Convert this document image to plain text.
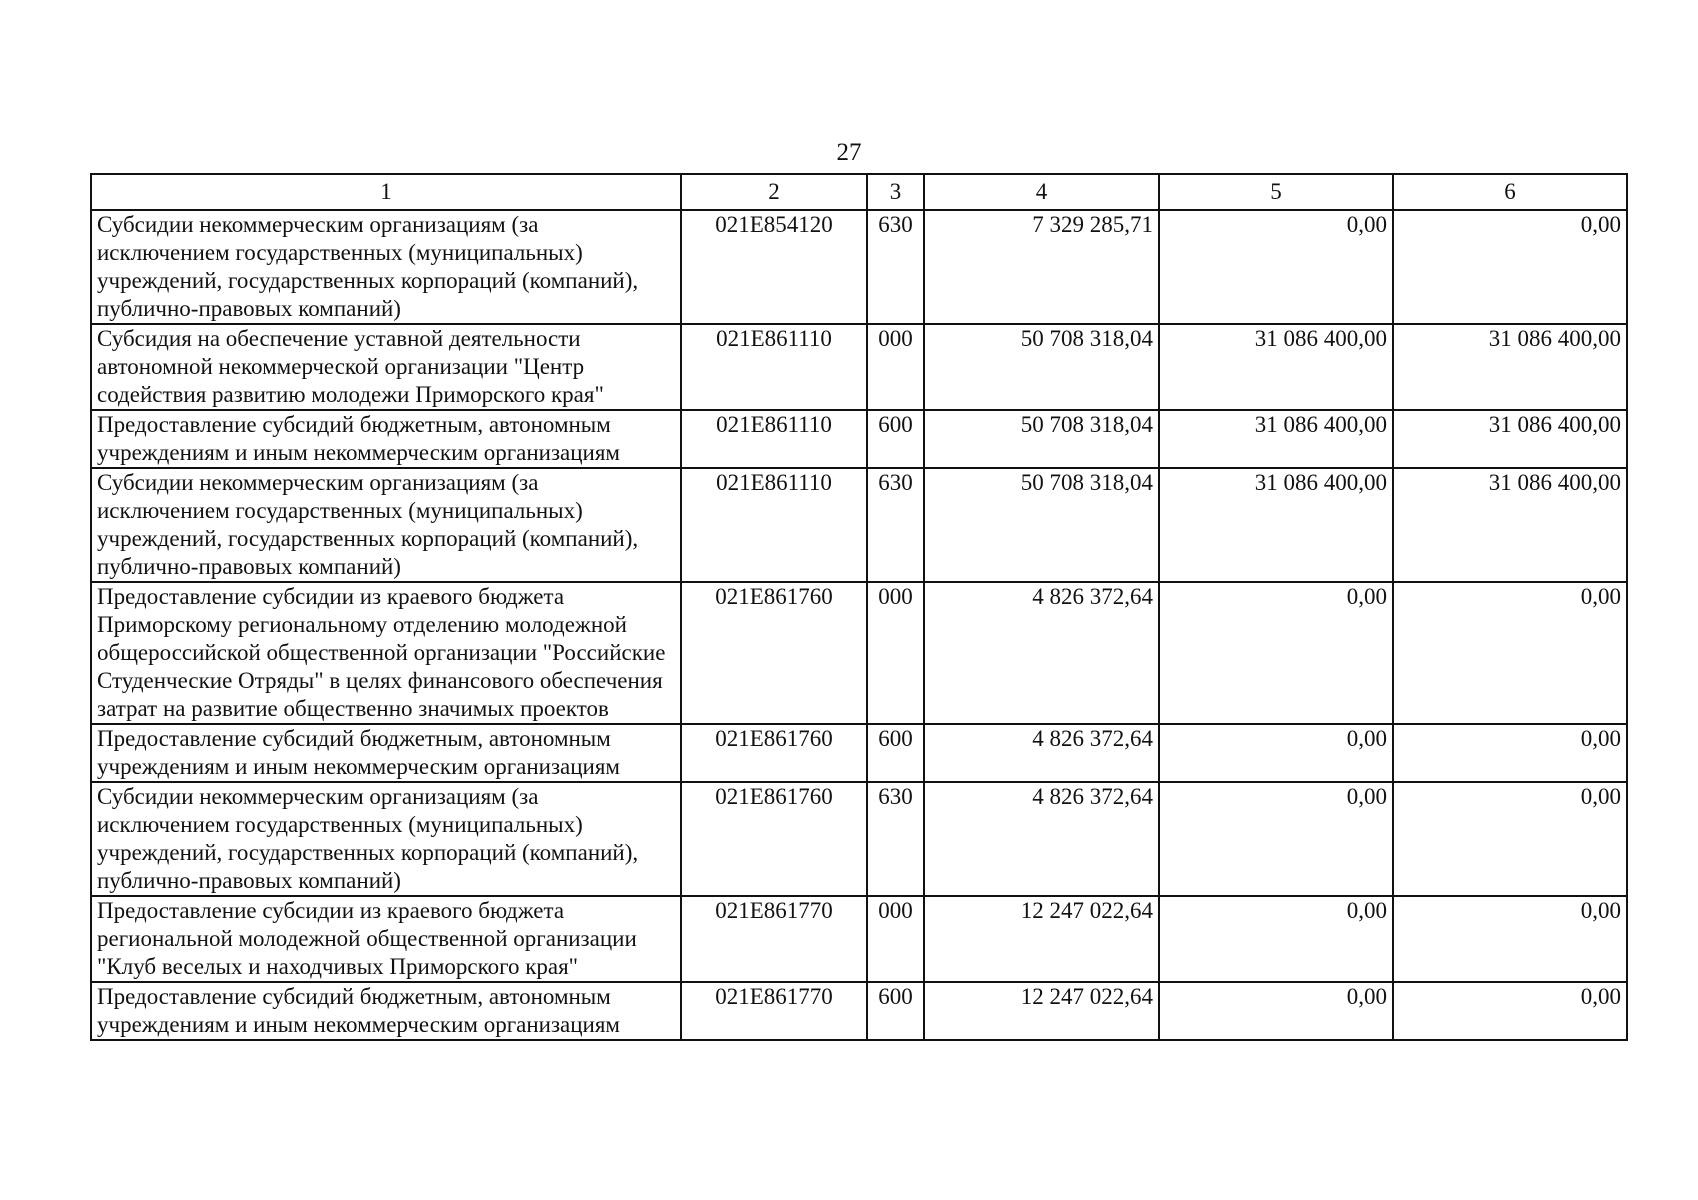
27
1	2	3	4	5	6
Субсидии некоммерческим организациям (за исключением государственных (муниципальных) учреждений, государственных корпораций (компаний), публично-правовых компаний)	021E854120	630	7 329 285,71	0,00	0,00
Субсидия на обеспечение уставной деятельности автономной некоммерческой организации "Центр содействия развитию молодежи Приморского края"	021E861110	000	50 708 318,04	31 086 400,00	31 086 400,00
Предоставление субсидий бюджетным, автономным учреждениям и иным некоммерческим организациям	021E861110	600	50 708 318,04	31 086 400,00	31 086 400,00
Субсидии некоммерческим организациям (за исключением государственных (муниципальных) учреждений, государственных корпораций (компаний), публично-правовых компаний)	021E861110	630	50 708 318,04	31 086 400,00	31 086 400,00
Предоставление субсидии из краевого бюджета Приморскому региональному отделению молодежной общероссийской общественной организации "Российские Студенческие Отряды" в целях финансового обеспечения затрат на развитие общественно значимых проектов	021E861760	000	4 826 372,64	0,00	0,00
Предоставление субсидий бюджетным, автономным учреждениям и иным некоммерческим организациям	021E861760	600	4 826 372,64	0,00	0,00
Субсидии некоммерческим организациям (за исключением государственных (муниципальных) учреждений, государственных корпораций (компаний), публично-правовых компаний)	021E861760	630	4 826 372,64	0,00	0,00
Предоставление субсидии из краевого бюджета региональной молодежной общественной организации "Клуб веселых и находчивых Приморского края"	021E861770	000	12 247 022,64	0,00	0,00
Предоставление субсидий бюджетным, автономным учреждениям и иным некоммерческим организациям	021E861770	600	12 247 022,64	0,00	0,00
